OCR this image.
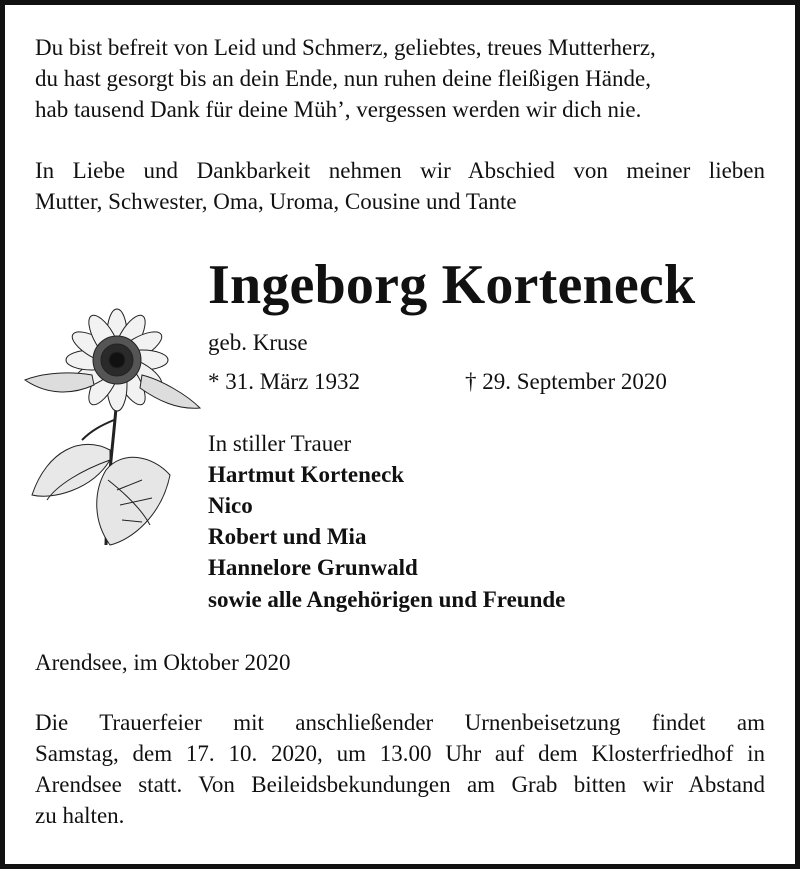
Du bist befreit von Leid und Schmerz, geliebtes, treues Mutterherz,

du hast gesorgt bis an dein Ende, nun ruhen deine fleißigen Hände,

hab tausend Dank für deine Müh’, vergessen werden wir dich nie.

In Liebe und Dankbarkeit nehmen wir Abschied von meiner lieben
Mutter, Schwester, Oma, Uroma, Cousine und Tante
Ingeborg Korteneck

geb. Kruse

* 31. März 1932	† 29. September 2020

In stiller Trauer

Hartmut Korteneck

Nico

Robert und Mia

Hannelore Grunwald

sowie alle Angehörigen und Freunde

Arendsee, im Oktober 2020

Die Trauerfeier mit anschließender Urnenbeisetzung findet am
Samstag, dem 17. 10. 2020, um 13.00 Uhr auf dem Klosterfriedhof in
Arendsee statt. Von Beileidsbekundungen am Grab bitten wir Abstand
zu halten.
